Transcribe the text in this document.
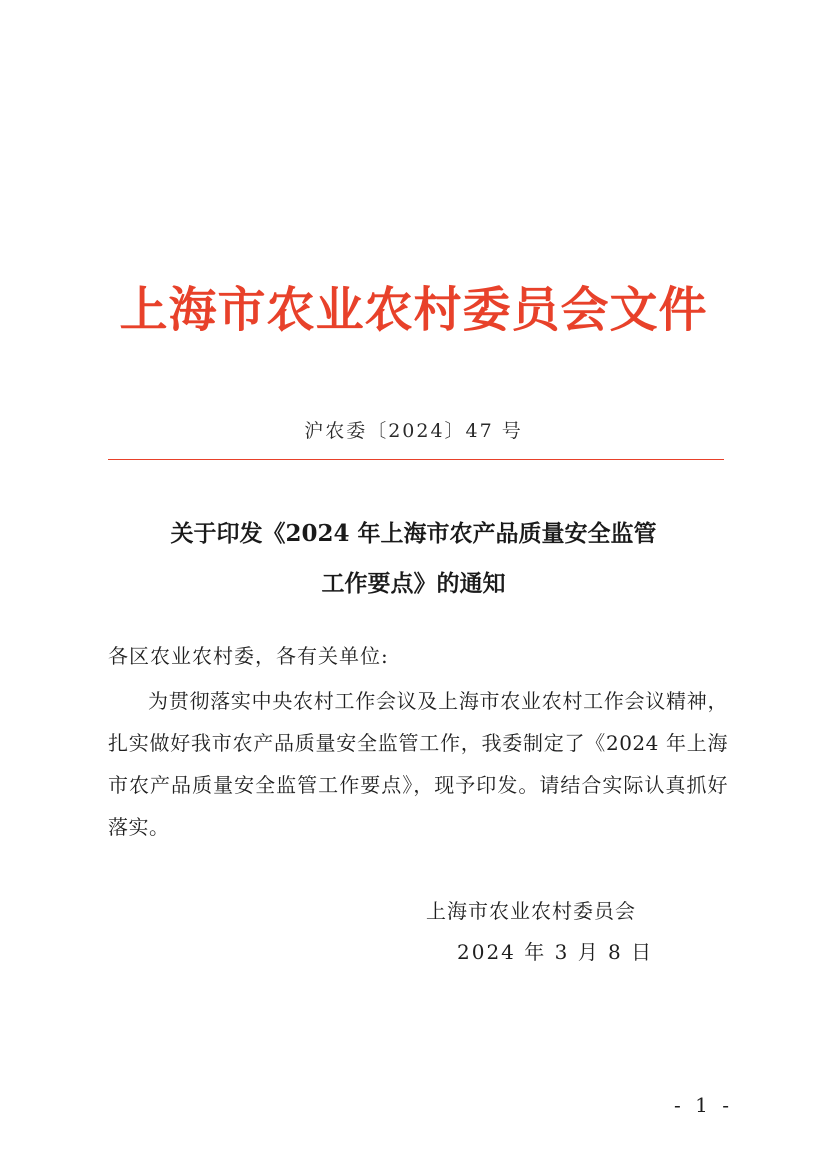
上海市农业农村委员会文件
沪农委〔2024〕47 号
关于印发《2024 年上海市农产品质量安全监管
工作要点》的通知
各区农业农村委，各有关单位:
为贯彻落实中央农村工作会议及上海市农业农村工作会议精神，扎实做好我市农产品质量安全监管工作，我委制定了《2024 年上海市农产品质量安全监管工作要点》，现予印发。请结合实际认真抓好落实。
上海市农业农村委员会
2024 年 3 月 8 日
- 1 -
